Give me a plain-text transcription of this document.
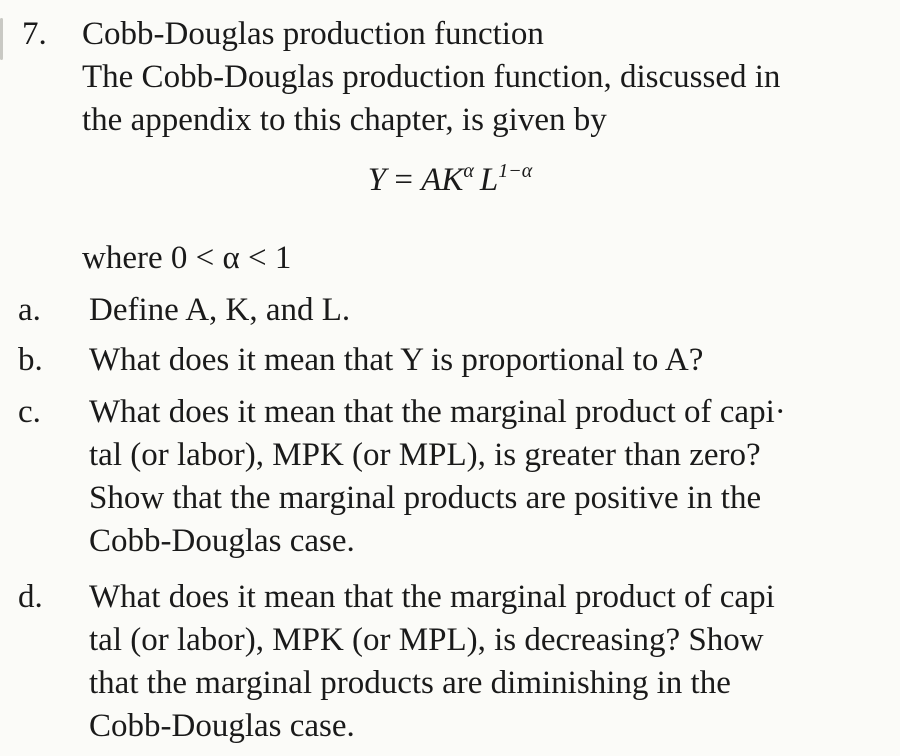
7. Cobb-Douglas production function
The Cobb-Douglas production function, discussed in
the appendix to this chapter, is given by
$Y = AK^\alpha$ $L^{1-\alpha}$
where 0 < α < 1
a. Define A, K, and L.
b. What does it mean that Y is proportional to A?
c. What does it mean that the marginal product of capi·
tal (or labor), MPK (or MPL), is greater than zero?
Show that the marginal products are positive in the
Cobb-Douglas case.
d. What does it mean that the marginal product of capi
tal (or labor), MPK (or MPL), is decreasing? Show
that the marginal products are diminishing in the
Cobb-Douglas case.
